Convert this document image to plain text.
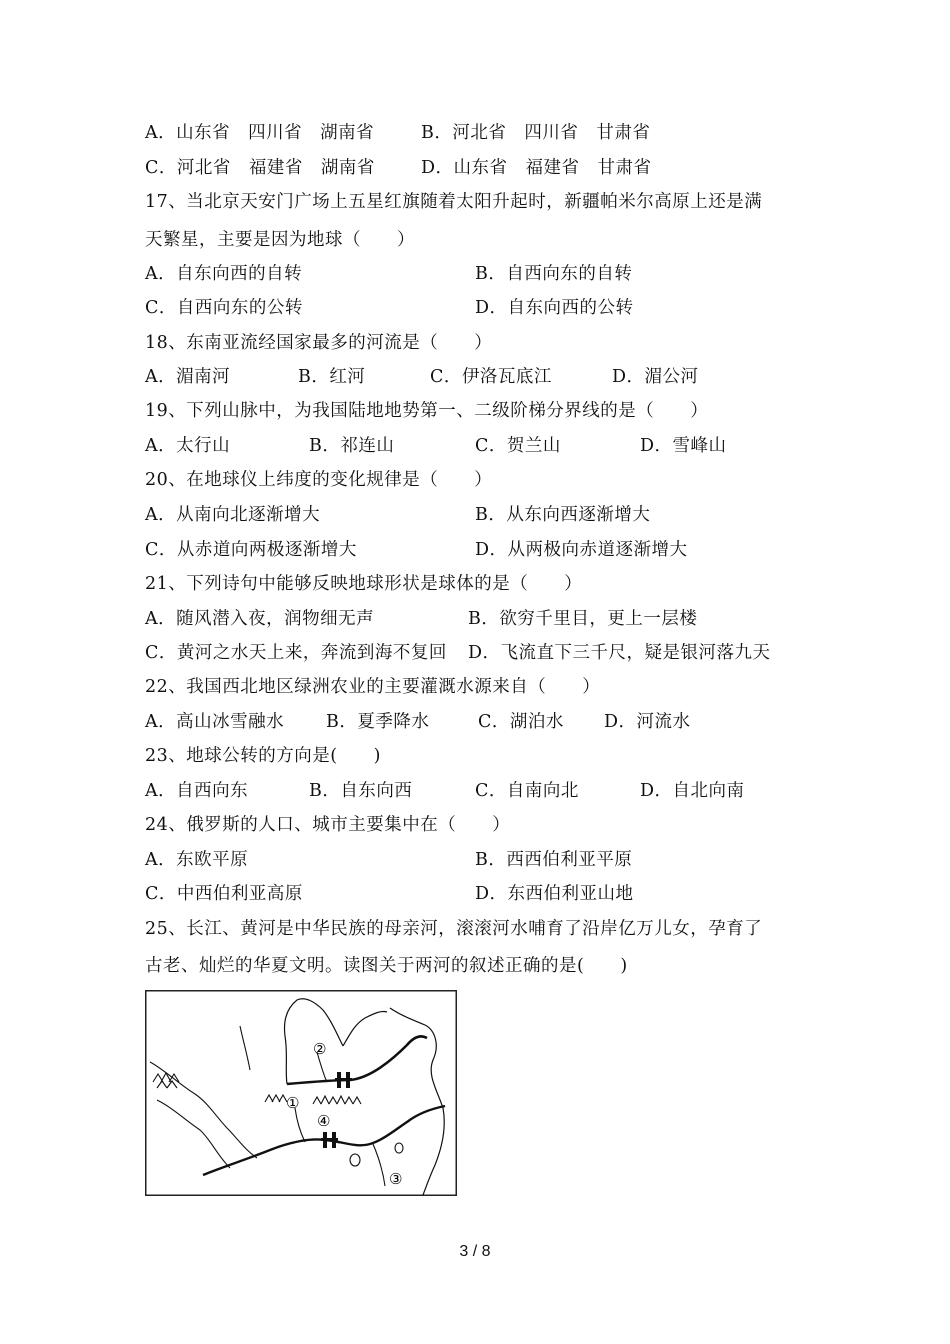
A．山东省　四川省　湖南省	B．河北省　四川省　甘肃省
C．河北省　福建省　湖南省	D．山东省　福建省　甘肃省
17、当北京天安门广场上五星红旗随着太阳升起时，新疆帕米尔高原上还是满
天繁星，主要是因为地球（　　）
A．自东向西的自转	B．自西向东的自转
C．自西向东的公转	D．自东向西的公转
18、东南亚流经国家最多的河流是（　　）
A．湄南河	B．红河	C．伊洛瓦底江	D．湄公河
19、下列山脉中，为我国陆地地势第一、二级阶梯分界线的是（　　）
A．太行山	B．祁连山	C．贺兰山	D．雪峰山
20、在地球仪上纬度的变化规律是（　　）
A．从南向北逐渐增大	B．从东向西逐渐增大
C．从赤道向两极逐渐增大	D．从两极向赤道逐渐增大
21、下列诗句中能够反映地球形状是球体的是（　　）
A．随风潜入夜，润物细无声	B．欲穷千里目，更上一层楼
C．黄河之水天上来，奔流到海不复回 D．飞流直下三千尺，疑是银河落九天
22、我国西北地区绿洲农业的主要灌溉水源来自（　　）
A．高山冰雪融水 B．夏季降水	C．湖泊水 D．河流水
23、地球公转的方向是(　　)
A．自西向东	B．自东向西	C．自南向北	D．自北向南
24、俄罗斯的人口、城市主要集中在（　　）
A．东欧平原	B．西西伯利亚平原
C．中西伯利亚高原	D．东西伯利亚山地
25、长江、黄河是中华民族的母亲河，滚滚河水哺育了沿岸亿万儿女，孕育了
古老、灿烂的华夏文明。读图关于两河的叙述正确的是(　　)
②
①
④
③
3 / 8
